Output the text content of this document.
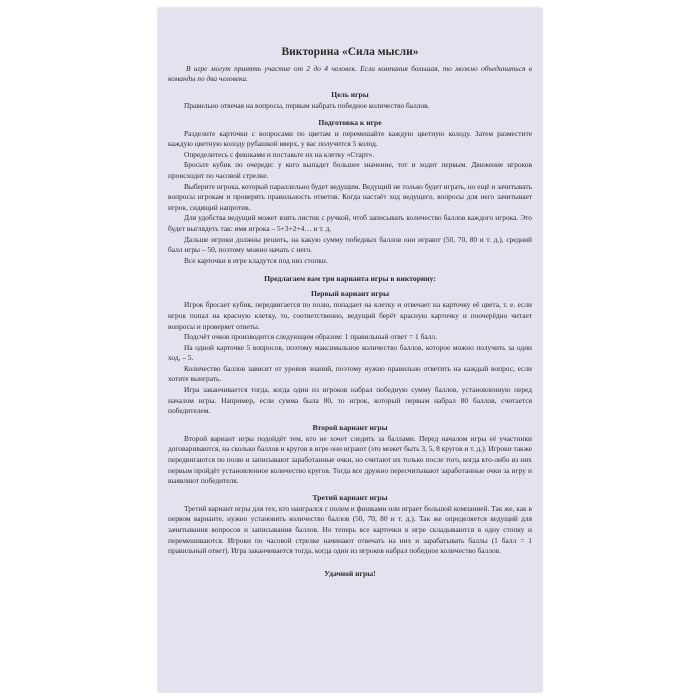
Викторина «Сила мысли»

В игре могут принять участие от 2 до 4 человек. Если компания большая, то можно объединиться в команды по два человека.

Цель игры

Правильно отвечая на вопросы, первым набрать победное количество баллов.

Подготовка к игре

Разделите карточки с вопросами по цветам и перемешайте каждую цветную колоду. Затем разместите каждую цветную колоду рубашкой вверх, у вас получится 5 колод.

Определитесь с фишками и поставьте их на клетку «Старт».

Бросьте кубик по очереди: у кого выпадет большее значение, тот и ходит первым. Движение игроков происходит по часовой стрелке.

Выберите игрока, который параллельно будет ведущим. Ведущий не только будет играть, но ещё и зачитывать вопросы игрокам и проверять правильность ответов. Когда настаёт ход ведущего, вопросы для него зачитывает игрок, сидящий напротив.

Для удобства ведущий может взять листик с ручкой, чтоб записывать количество баллов каждого игрока. Это будет выглядеть так: имя игрока – 5+3+2+4… и т. д.

Дальше игроки должны решить, на какую сумму победных баллов они играют (50, 70, 80 и т. д.), средний балл игры – 50, поэтому можно начать с него.

Все карточки в игре кладутся под низ стопки.

Предлагаем вам три варианта игры в викторину:
Первый вариант игры

Игрок бросает кубик, передвигается по полю, попадает на клетку и отвечает на карточку её цвета, т. е. если игрок попал на красную клетку, то, соответственно, ведущий берёт красную карточку и поочерёдно читает вопросы и проверяет ответы.

Подсчёт очков производится следующим образом: 1 правильный ответ = 1 балл.

На одной карточке 5 вопросов, поэтому максимальное количество баллов, которое можно получить за один ход, – 5.

Количество баллов зависит от уровня знаний, поэтому нужно правильно ответить на каждый вопрос, если хотите выиграть.

Игра заканчивается тогда, когда один из игроков набрал победную сумму баллов, установленную перед началом игры. Например, если сумма была 80, то игрок, который первым набрал 80 баллов, считается победителем.

Второй вариант игры

Второй вариант игры подойдёт тем, кто не хочет следить за баллами. Перед началом игры её участники договариваются, на сколько баллов и кругов в игре они играют (это может быть 3, 5, 8 кругов и т. д.). Игроки также передвигаются по полю и записывают заработанные очки, но считают их только после того, когда кто-либо из них первым пройдёт установленное количество кругов. Тогда все дружно пересчитывают заработанные очки за игру и выявляют победителя.

Третий вариант игры

Третий вариант игры для тех, кто наигрался с полем и фишками или играет большой компанией. Так же, как в первом варианте, нужно установить количество баллов (50, 70, 80 и т. д.). Так же определяется ведущий для зачитывания вопросов и записывания баллов. Но теперь все карточки в игре складываются в одну стопку и перемешиваются. Игроки по часовой стрелке начинают отвечать на них и зарабатывать баллы (1 балл = 1 правильный ответ). Игра заканчивается тогда, когда один из игроков набрал победное количество баллов.

Удачной игры!
